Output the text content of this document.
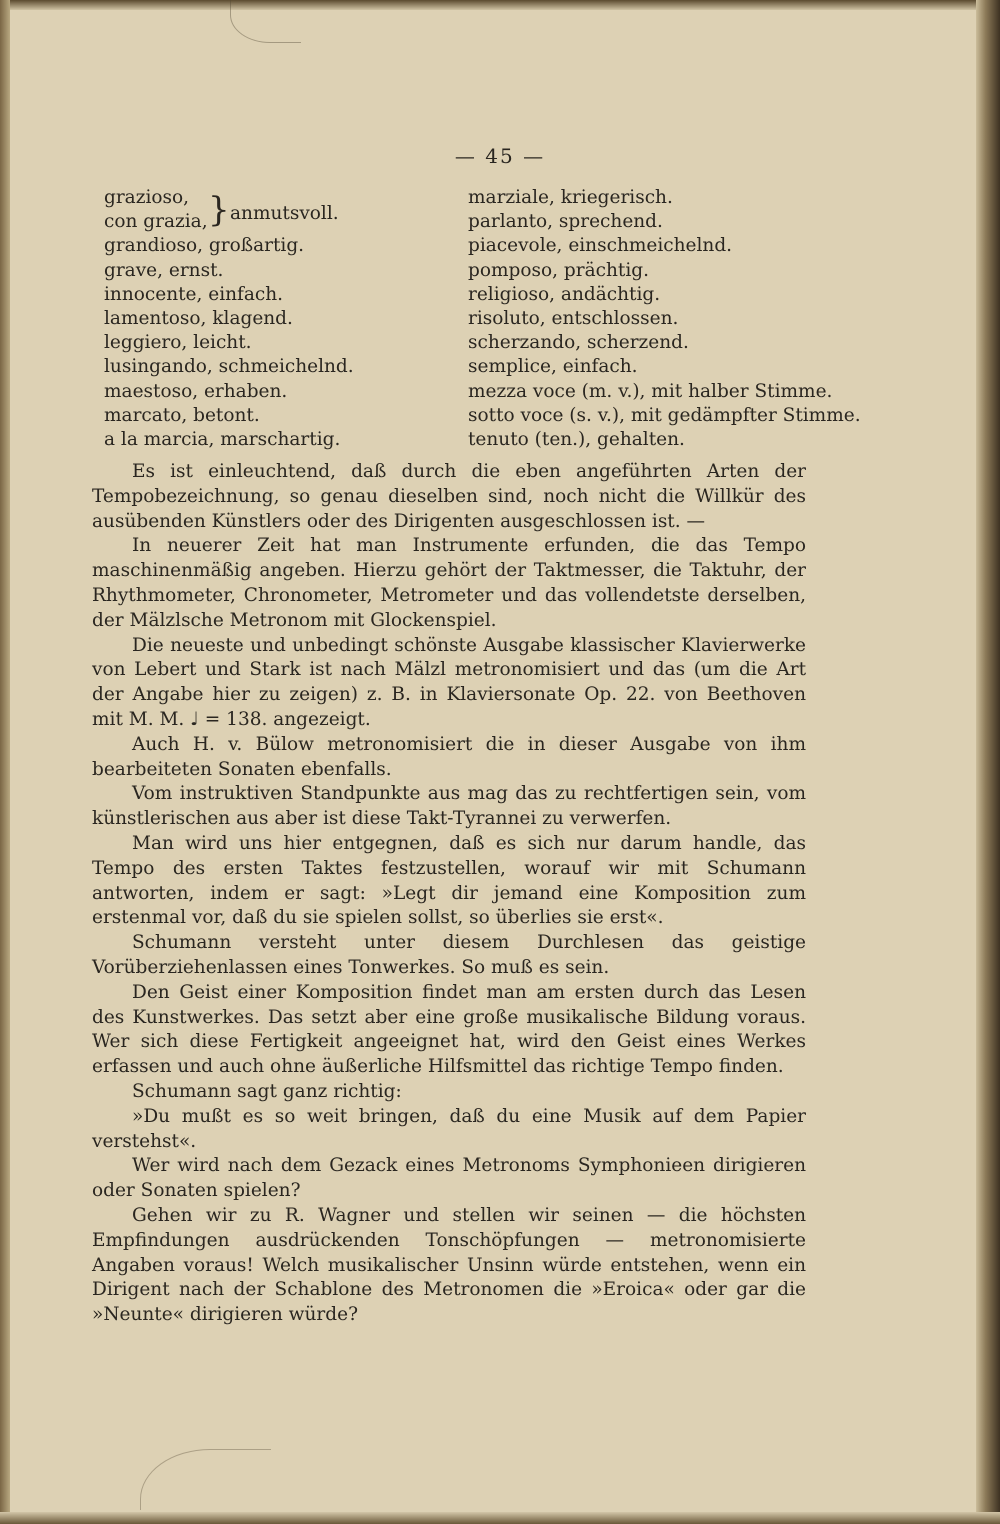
— 45 —
grazioso,
con grazia, } anmutsvoll.
grandioso, großartig.
grave, ernst.
innocente, einfach.
lamentoso, klagend.
leggiero, leicht.
lusingando, schmeichelnd.
maestoso, erhaben.
marcato, betont.
a la marcia, marschartig.
marziale, kriegerisch.
parlanto, sprechend.
piacevole, einschmeichelnd.
pomposo, prächtig.
religioso, andächtig.
risoluto, entschlossen.
scherzando, scherzend.
semplice, einfach.
mezza voce (m. v.), mit halber Stimme.
sotto voce (s. v.), mit gedämpfter Stimme.
tenuto (ten.), gehalten.

Es ist einleuchtend, daß durch die eben angeführten Arten der Tempobezeichnung, so genau dieselben sind, noch nicht die Willkür des ausübenden Künstlers oder des Dirigenten ausgeschlossen ist. —

In neuerer Zeit hat man Instrumente erfunden, die das Tempo maschinenmäßig angeben. Hierzu gehört der Taktmesser, die Taktuhr, der Rhythmometer, Chronometer, Metrometer und das vollendetste derselben, der Mälzlsche Metronom mit Glockenspiel.

Die neueste und unbedingt schönste Ausgabe klassischer Klavierwerke von Lebert und Stark ist nach Mälzl metronomisiert und das (um die Art der Angabe hier zu zeigen) z. B. in Klaviersonate Op. 22. von Beethoven mit M. M. ♩ = 138. angezeigt.

Auch H. v. Bülow metronomisiert die in dieser Ausgabe von ihm bearbeiteten Sonaten ebenfalls.

Vom instruktiven Standpunkte aus mag das zu rechtfertigen sein, vom künstlerischen aus aber ist diese Takt-Tyrannei zu verwerfen.

Man wird uns hier entgegnen, daß es sich nur darum handle, das Tempo des ersten Taktes festzustellen, worauf wir mit Schumann antworten, indem er sagt: »Legt dir jemand eine Komposition zum erstenmal vor, daß du sie spielen sollst, so überlies sie erst«.

Schumann versteht unter diesem Durchlesen das geistige Vorüberziehenlassen eines Tonwerkes. So muß es sein.

Den Geist einer Komposition findet man am ersten durch das Lesen des Kunstwerkes. Das setzt aber eine große musikalische Bildung voraus. Wer sich diese Fertigkeit angeeignet hat, wird den Geist eines Werkes erfassen und auch ohne äußerliche Hilfsmittel das richtige Tempo finden.

Schumann sagt ganz richtig:

»Du mußt es so weit bringen, daß du eine Musik auf dem Papier verstehst«.

Wer wird nach dem Gezack eines Metronoms Symphonieen dirigieren oder Sonaten spielen?

Gehen wir zu R. Wagner und stellen wir seinen — die höchsten Empfindungen ausdrückenden Tonschöpfungen — metronomisierte Angaben voraus! Welch musikalischer Unsinn würde entstehen, wenn ein Dirigent nach der Schablone des Metronomen die »Eroica« oder gar die »Neunte« dirigieren würde?
